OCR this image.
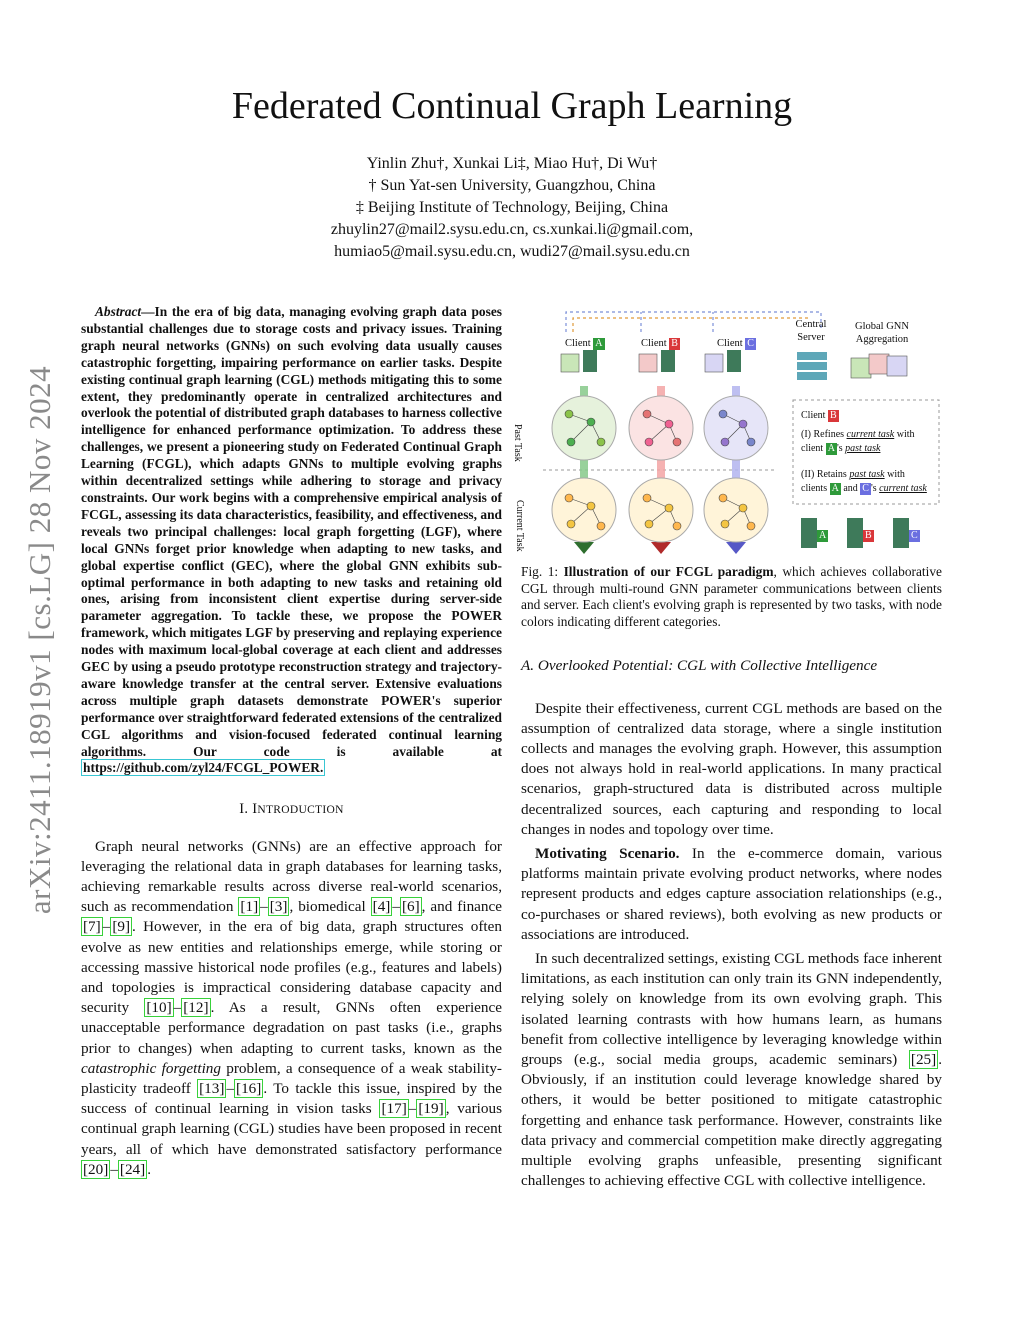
arXiv:2411.18919v1 [cs.LG] 28 Nov 2024
Federated Continual Graph Learning
Yinlin Zhu†, Xunkai Li‡, Miao Hu†, Di Wu†
† Sun Yat-sen University, Guangzhou, China
‡ Beijing Institute of Technology, Beijing, China
zhuylin27@mail2.sysu.edu.cn, cs.xunkai.li@gmail.com,
humiao5@mail.sysu.edu.cn, wudi27@mail.sysu.edu.cn
Abstract—In the era of big data, managing evolving graph data poses substantial challenges due to storage costs and privacy issues. Training graph neural networks (GNNs) on such evolving data usually causes catastrophic forgetting, impairing performance on earlier tasks. Despite existing continual graph learning (CGL) methods mitigating this to some extent, they predominantly operate in centralized architectures and overlook the potential of distributed graph databases to harness collective intelligence for enhanced performance optimization. To address these challenges, we present a pioneering study on Federated Continual Graph Learning (FCGL), which adapts GNNs to multiple evolving graphs within decentralized settings while adhering to storage and privacy constraints. Our work begins with a comprehensive empirical analysis of FCGL, assessing its data characteristics, feasibility, and effectiveness, and reveals two principal challenges: local graph forgetting (LGF), where local GNNs forget prior knowledge when adapting to new tasks, and global expertise conflict (GEC), where the global GNN exhibits sub-optimal performance in both adapting to new tasks and retaining old ones, arising from inconsistent client expertise during server-side parameter aggregation. To tackle these, we propose the POWER framework, which mitigates LGF by preserving and replaying experience nodes with maximum local-global coverage at each client and addresses GEC by using a pseudo prototype reconstruction strategy and trajectory-aware knowledge transfer at the central server. Extensive evaluations across multiple graph datasets demonstrate POWER's superior performance over straightforward federated extensions of the centralized CGL algorithms and vision-focused federated continual learning algorithms. Our code is available at https://github.com/zyl24/FCGL_POWER.
I. INTRODUCTION

Graph neural networks (GNNs) are an effective approach for leveraging the relational data in graph databases for learning tasks, achieving remarkable results across diverse real-world scenarios, such as recommendation [1] – [3] , biomedical [4] – [6] , and finance [7] – [9] . However, in the era of big data, graph structures often evolve as new entities and relationships emerge, while storing or accessing massive historical node profiles (e.g., features and labels) and topologies is impractical considering database capacity and security [10] – [12] . As a result, GNNs often experience unacceptable performance degradation on past tasks (i.e., graphs prior to changes) when adapting to current tasks, known as the catastrophic forgetting problem, a consequence of a weak stability-plasticity tradeoff [13] – [16] . To tackle this issue, inspired by the success of continual learning in vision tasks [17] – [19] , various continual graph learning (CGL) studies have been proposed in recent years, all of which have demonstrated satisfactory performance [20] – [24] .

Client A	Client B	Client C
Central Server
Global GNN Aggregation
Past Task
Current Task
Client B
(I) Refines current task with
client A 's past task
(II) Retains past task with
clients A and C 's current task
A	B	C
Fig. 1: Illustration of our FCGL paradigm, which achieves collaborative CGL through multi-round GNN parameter communications between clients and server. Each client's evolving graph is represented by two tasks, with node colors indicating different categories.
A. Overlooked Potential: CGL with Collective Intelligence

Despite their effectiveness, current CGL methods are based on the assumption of centralized data storage, where a single institution collects and manages the evolving graph. However, this assumption does not always hold in real-world applications. In many practical scenarios, graph-structured data is distributed across multiple decentralized sources, each capturing and responding to local changes in nodes and topology over time.

Motivating Scenario. In the e-commerce domain, various platforms maintain private evolving product networks, where nodes represent products and edges capture association relationships (e.g., co-purchases or shared reviews), both evolving as new products or associations are introduced.

In such decentralized settings, existing CGL methods face inherent limitations, as each institution can only train its GNN independently, relying solely on knowledge from its own evolving graph. This isolated learning contrasts with how humans learn, as humans benefit from collective intelligence by leveraging knowledge within groups (e.g., social media groups, academic seminars) [25] . Obviously, if an institution could leverage knowledge shared by others, it would be better positioned to mitigate catastrophic forgetting and enhance task performance. However, constraints like data privacy and commercial competition make directly aggregating multiple evolving graphs unfeasible, presenting significant challenges to achieving effective CGL with collective intelligence.
